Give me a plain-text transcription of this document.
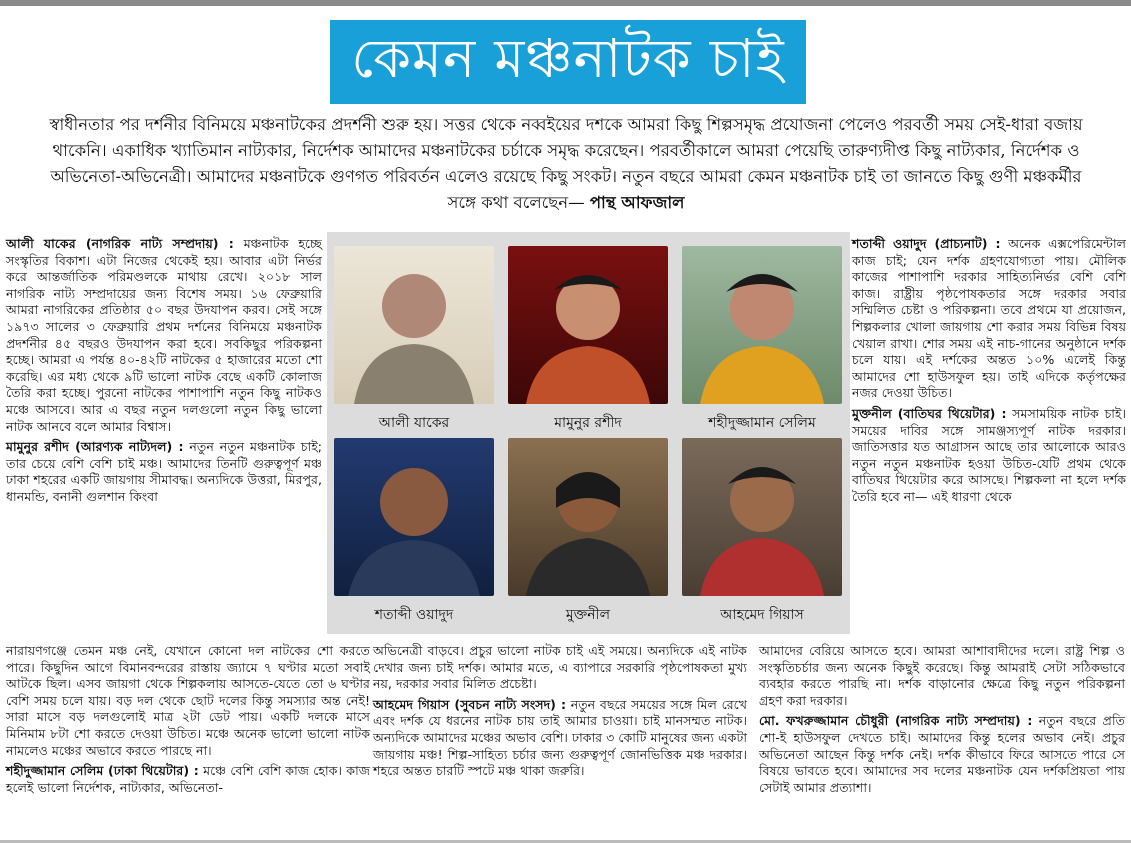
কেমন মঞ্চনাটক চাই
স্বাধীনতার পর দর্শনীর বিনিময়ে মঞ্চনাটকের প্রদর্শনী শুরু হয়। সত্তর থেকে নব্বইয়ের দশকে আমরা কিছু শিল্পসমৃদ্ধ প্রযোজনা পেলেও পরবর্তী সময় সেই-ধারা বজায় থাকেনি। একাধিক খ্যাতিমান নাট্যকার, নির্দেশক আমাদের মঞ্চনাটকের চর্চাকে সমৃদ্ধ করেছেন। পরবর্তীকালে আমরা পেয়েছি তারুণ্যদীপ্ত কিছু নাট্যকার, নির্দেশক ও অভিনেতা-অভিনেত্রী। আমাদের মঞ্চনাটকে গুণগত পরিবর্তন এলেও রয়েছে কিছু সংকট। নতুন বছরে আমরা কেমন মঞ্চনাটক চাই তা জানতে কিছু গুণী মঞ্চকর্মীর সঙ্গে কথা বলেছেন— পান্থ আফজাল

আলী যাকের (নাগরিক নাট্য সম্প্রদায়) : মঞ্চনাটক হচ্ছে সংস্কৃতির বিকাশ। এটা নিজের থেকেই হয়। আবার এটা নির্ভর করে আন্তর্জাতিক পরিমণ্ডলকে মাথায় রেখে। ২০১৮ সাল নাগরিক নাট্য সম্প্রদায়ের জন্য বিশেষ সময়। ১৬ ফেব্রুয়ারি আমরা নাগরিকের প্রতিষ্ঠার ৫০ বছর উদযাপন করব। সেই সঙ্গে ১৯৭৩ সালের ৩ ফেব্রুয়ারি প্রথম দর্শনের বিনিময়ে মঞ্চনাটক প্রদর্শনীর ৪৫ বছরও উদযাপন করা হবে। সবকিছুর পরিকল্পনা হচ্ছে। আমরা এ পর্যন্ত ৪০-৪২টি নাটকের ৫ হাজারের মতো শো করেছি। এর মধ্য থেকে ৯টি ভালো নাটক বেছে একটি কোলাজ তৈরি করা হচ্ছে। পুরনো নাটকের পাশাপাশি নতুন কিছু নাটকও মঞ্চে আসবে। আর এ বছর নতুন দলগুলো নতুন কিছু ভালো নাটক আনবে বলে আমার বিশ্বাস।

মামুনুর রশীদ (আরণ্যক নাট্যদল) : নতুন নতুন মঞ্চনাটক চাই; তার চেয়ে বেশি বেশি চাই মঞ্চ। আমাদের তিনটি গুরুত্বপূর্ণ মঞ্চ ঢাকা শহরের একটি জায়গায় সীমাবদ্ধ। অন্যদিকে উত্তরা, মিরপুর, ধানমন্ডি, বনানী গুলশান কিংবা

আলী যাকের	মামুনুর রশীদ	শহীদুজ্জামান সেলিম
শতাব্দী ওয়াদুদ	মুক্তনীল	আহমেদ গিয়াস

শতাব্দী ওয়াদুদ (প্রাচ্যনাট) : অনেক এক্সপেরিমেন্টাল কাজ চাই; যেন দর্শক গ্রহণযোগ্যতা পায়। মৌলিক কাজের পাশাপাশি দরকার সাহিত্যনির্ভর বেশি বেশি কাজ। রাষ্ট্রীয় পৃষ্ঠপোষকতার সঙ্গে দরকার সবার সম্মিলিত চেষ্টা ও পরিকল্পনা। তবে প্রথমে যা প্রয়োজন, শিল্পকলার খোলা জায়গায় শো করার সময় বিভিন্ন বিষয় খেয়াল রাখা। শোর সময় এই নাচ-গানের অনুষ্ঠানে দর্শক চলে যায়। এই দর্শকের অন্তত ১০% এলেই কিন্তু আমাদের শো হাউসফুল হয়। তাই এদিকে কর্তৃপক্ষের নজর দেওয়া উচিত।

মুক্তনীল (বাতিঘর থিয়েটার) : সমসাময়িক নাটক চাই। সময়ের দাবির সঙ্গে সামঞ্জস্যপূর্ণ নাটক দরকার। জাতিসত্তার যত আগ্রাসন আছে তার আলোকে আরও নতুন নতুন মঞ্চনাটক হওয়া উচিত-যেটি প্রথম থেকে বাতিঘর থিয়েটার করে আসছে। শিল্পকলা না হলে দর্শক তৈরি হবে না— এই ধারণা থেকে

নারায়ণগঞ্জে তেমন মঞ্চ নেই, যেখানে কোনো দল নাটকের শো করতে পারে। কিছুদিন আগে বিমানবন্দরের রাস্তায় জ্যামে ৭ ঘণ্টার মতো সবাই আটকে ছিল। এসব জায়গা থেকে শিল্পকলায় আসতে-যেতে তো ৬ ঘণ্টার বেশি সময় চলে যায়। বড় দল থেকে ছোট দলের কিন্তু সমস্যার অন্ত নেই! সারা মাসে বড় দলগুলোই মাত্র ২টা ডেট পায়। একটি দলকে মাসে মিনিমাম ৮টা শো করতে দেওয়া উচিত। মঞ্চে অনেক ভালো ভালো নাটক নামলেও মঞ্চের অভাবে করতে পারছে না।

শহীদুজ্জামান সেলিম (ঢাকা থিয়েটার) : মঞ্চে বেশি বেশি কাজ হোক। কাজ হলেই ভালো নির্দেশক, নাট্যকার, অভিনেতা-

অভিনেত্রী বাড়বে। প্রচুর ভালো নাটক চাই এই সময়ে। অন্যদিকে এই নাটক দেখার জন্য চাই দর্শক। আমার মতে, এ ব্যাপারে সরকারি পৃষ্ঠপোষকতা মুখ্য নয়, দরকার সবার মিলিত প্রচেষ্টা।

আহমেদ গিয়াস (সুবচন নাট্য সংসদ) : নতুন বছরে সময়ের সঙ্গে মিল রেখে এবং দর্শক যে ধরনের নাটক চায় তাই আমার চাওয়া। চাই মানসম্মত নাটক। অন্যদিকে আমাদের মঞ্চের অভাব বেশি। ঢাকার ৩ কোটি মানুষের জন্য একটা জায়গায় মঞ্চ! শিল্প-সাহিত্য চর্চার জন্য গুরুত্বপূর্ণ জোনভিত্তিক মঞ্চ দরকার। শহরে অন্তত চারটি স্পটে মঞ্চ থাকা জরুরি।

আমাদের বেরিয়ে আসতে হবে। আমরা আশাবাদীদের দলে। রাষ্ট্র শিল্প ও সংস্কৃতিচর্চার জন্য অনেক কিছুই করেছে। কিন্তু আমরাই সেটা সঠিকভাবে ব্যবহার করতে পারছি না। দর্শক বাড়ানোর ক্ষেত্রে কিছু নতুন পরিকল্পনা গ্রহণ করা দরকার।

মো. ফখরুজ্জামান চৌধুরী (নাগরিক নাট্য সম্প্রদায়) : নতুন বছরে প্রতি শো-ই হাউসফুল দেখতে চাই। আমাদের কিন্তু হলের অভাব নেই। প্রচুর অভিনেতা আছেন কিন্তু দর্শক নেই। দর্শক কীভাবে ফিরে আসতে পারে সে বিষয়ে ভাবতে হবে। আমাদের সব দলের মঞ্চনাটক যেন দর্শকপ্রিয়তা পায় সেটাই আমার প্রত্যাশা।
